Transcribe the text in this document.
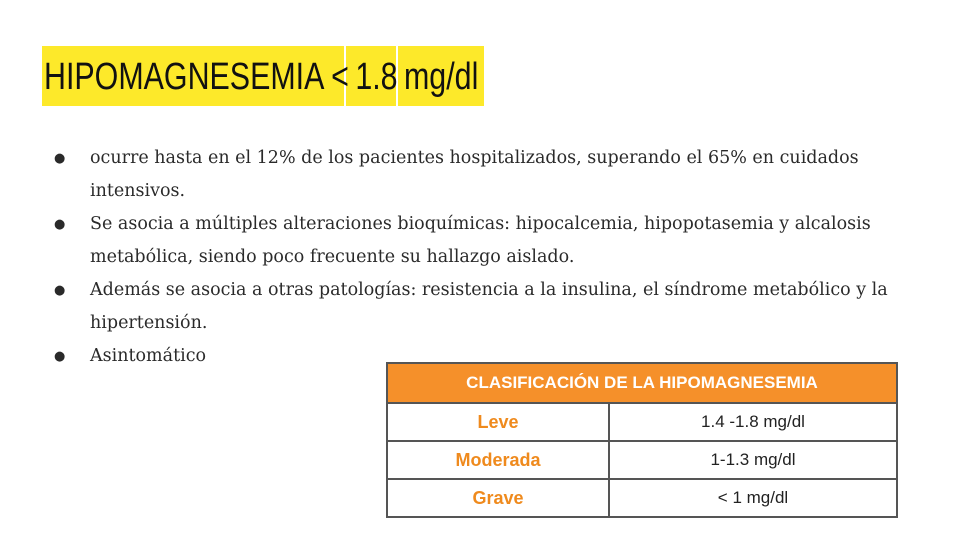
HIPOMAGNESEMIA < 1.8 mg/dl
● ocurre hasta en el 12% de los pacientes hospitalizados, superando el 65% en cuidados intensivos.
● Se asocia a múltiples alteraciones bioquímicas: hipocalcemia, hipopotasemia y alcalosis metabólica, siendo poco frecuente su hallazgo aislado.
● Además se asocia a otras patologías: resistencia a la insulina, el síndrome metabólico y la hipertensión.
● Asintomático
CLASIFICACIÓN DE LA HIPOMAGNESEMIA	
Leve	1.4 -1.8 mg/dl
Moderada	1-1.3 mg/dl
Grave	< 1 mg/dl
